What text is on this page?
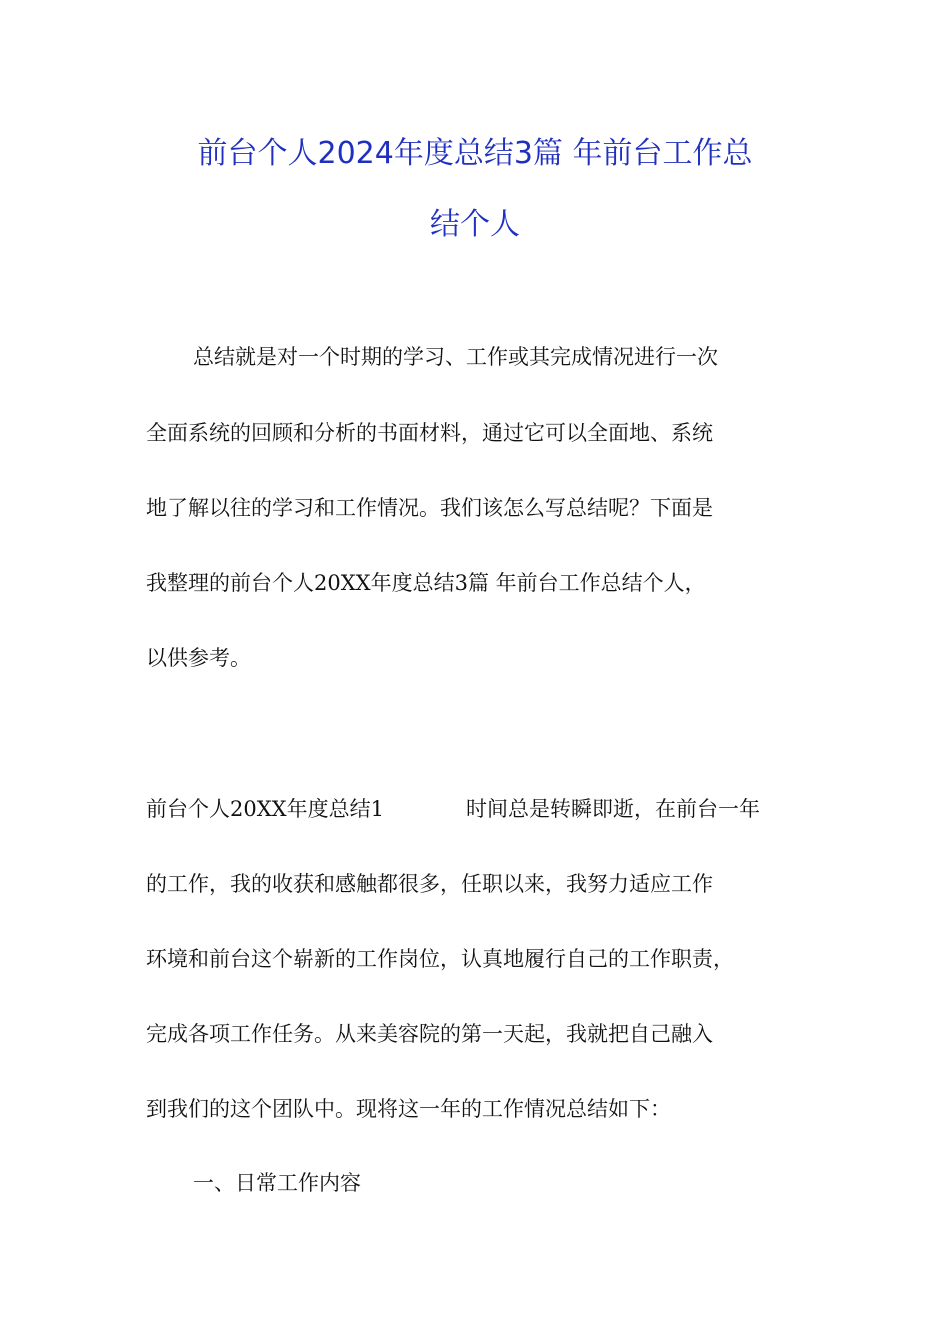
前台个人2024年度总结3篇 年前台工作总
结个人
总结就是对一个时期的学习、工作或其完成情况进行一次
全面系统的回顾和分析的书面材料，通过它可以全面地、系统
地了解以往的学习和工作情况。我们该怎么写总结呢？下面是
我整理的前台个人20XX年度总结3篇 年前台工作总结个人，
以供参考。
前台个人20XX年度总结1	时间总是转瞬即逝，在前台一年
的工作，我的收获和感触都很多，任职以来，我努力适应工作
环境和前台这个崭新的工作岗位，认真地履行自己的工作职责，
完成各项工作任务。从来美容院的第一天起，我就把自己融入
到我们的这个团队中。现将这一年的工作情况总结如下：
一、日常工作内容
